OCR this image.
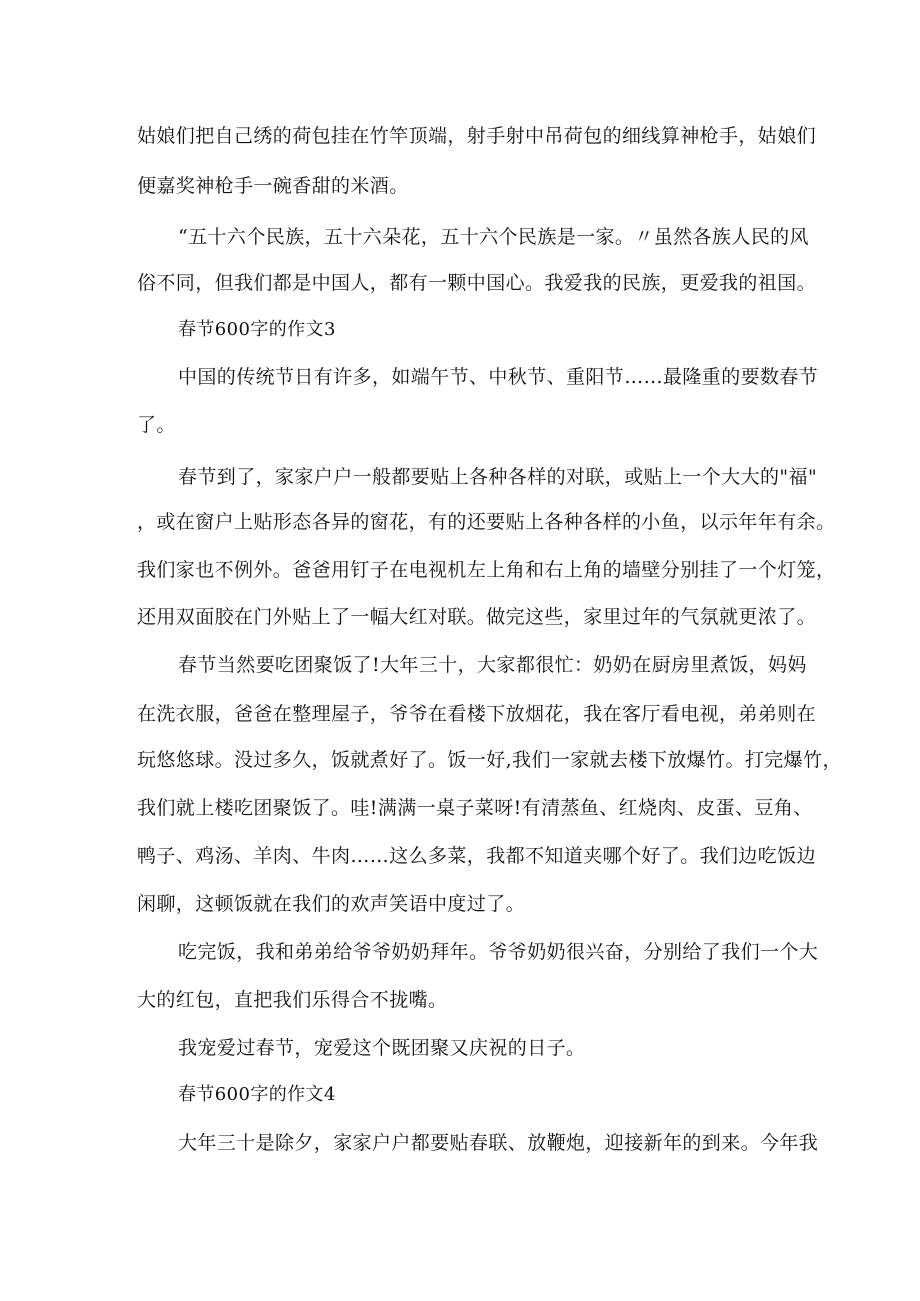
姑娘们把自己绣的荷包挂在竹竿顶端，射手射中吊荷包的细线算神枪手，姑娘们
便嘉奖神枪手一碗香甜的米酒。
“五十六个民族，五十六朵花，五十六个民族是一家。〃虽然各族人民的风
俗不同，但我们都是中国人，都有一颗中国心。我爱我的民族，更爱我的祖国。
春节600字的作文3
中国的传统节日有许多，如端午节、中秋节、重阳节……最隆重的要数春节
了。
春节到了，家家户户一般都要贴上各种各样的对联，或贴上一个大大的"福"
，或在窗户上贴形态各异的窗花，有的还要贴上各种各样的小鱼，以示年年有余。
我们家也不例外。爸爸用钉子在电视机左上角和右上角的墙壁分别挂了一个灯笼，
还用双面胶在门外贴上了一幅大红对联。做完这些，家里过年的气氛就更浓了。
春节当然要吃团聚饭了!大年三十，大家都很忙：奶奶在厨房里煮饭，妈妈
在洗衣服，爸爸在整理屋子，爷爷在看楼下放烟花，我在客厅看电视，弟弟则在
玩悠悠球。没过多久，饭就煮好了。饭一好,我们一家就去楼下放爆竹。打完爆竹，
我们就上楼吃团聚饭了。哇!满满一桌子菜呀!有清蒸鱼、红烧肉、皮蛋、豆角、
鸭子、鸡汤、羊肉、牛肉……这么多菜，我都不知道夹哪个好了。我们边吃饭边
闲聊，这顿饭就在我们的欢声笑语中度过了。
吃完饭，我和弟弟给爷爷奶奶拜年。爷爷奶奶很兴奋，分别给了我们一个大
大的红包，直把我们乐得合不拢嘴。
我宠爱过春节，宠爱这个既团聚又庆祝的日子。
春节600字的作文4
大年三十是除夕，家家户户都要贴春联、放鞭炮，迎接新年的到来。今年我
